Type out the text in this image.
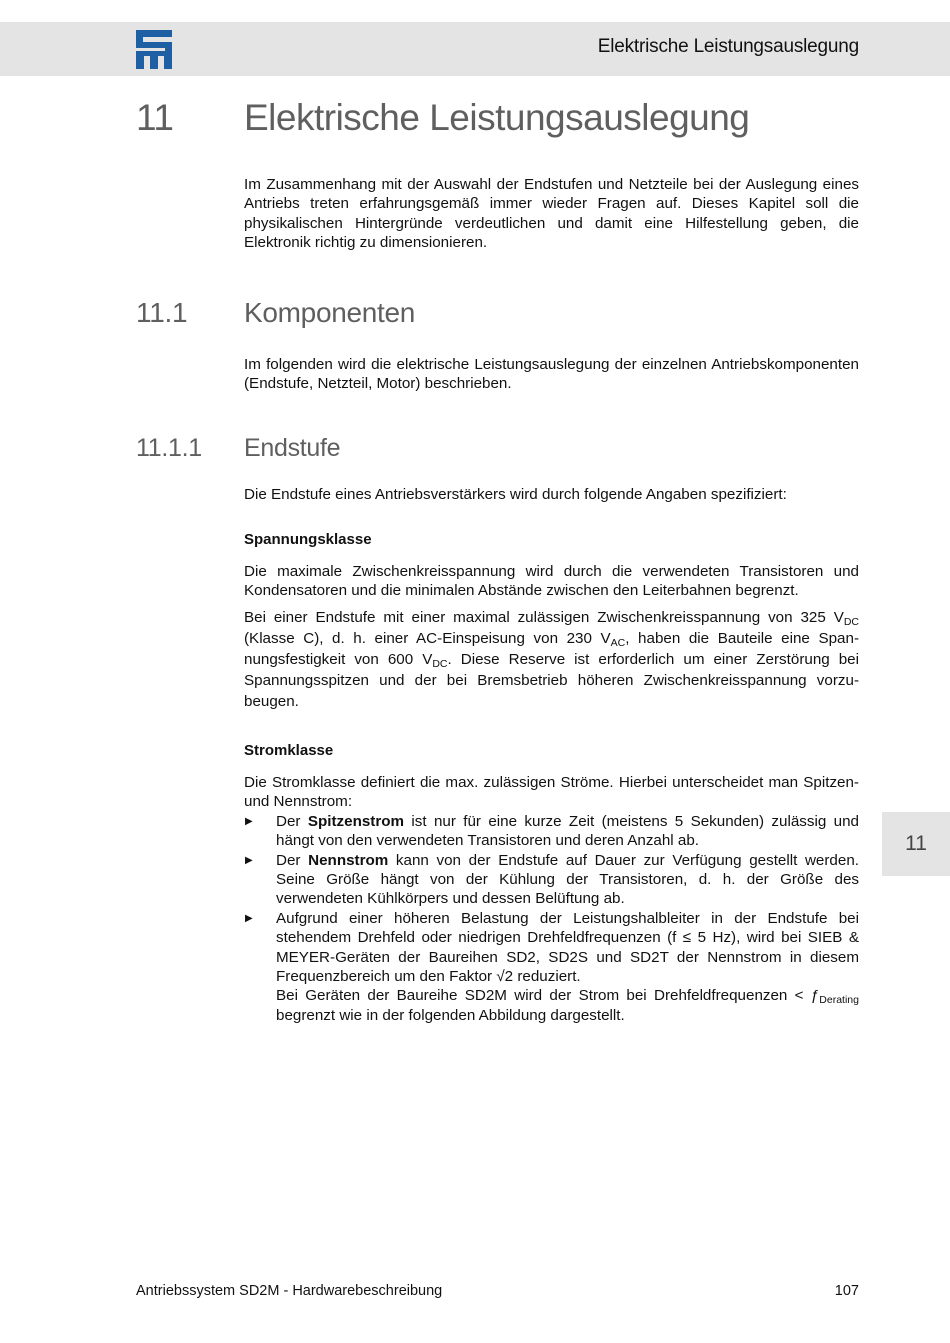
Elektrische Leistungsauslegung
11 Elektrische Leistungsauslegung

Im Zusammenhang mit der Auswahl der Endstufen und Netzteile bei der Auslegung eines Antriebs treten erfahrungsgemäß immer wieder Fragen auf. Dieses Kapitel soll die physikalischen Hintergründe verdeutlichen und damit eine Hilfestellung geben, die Elektronik richtig zu dimensionieren.

11.1 Komponenten

Im folgenden wird die elektrische Leistungsauslegung der einzelnen Antriebskomponenten (Endstufe, Netzteil, Motor) beschrieben.

11.1.1 Endstufe

Die Endstufe eines Antriebsverstärkers wird durch folgende Angaben spezifiziert:

Spannungsklasse

Die maximale Zwischenkreisspannung wird durch die verwendeten Transistoren und Kondensatoren und die minimalen Abstände zwischen den Leiterbahnen begrenzt.

Bei einer Endstufe mit einer maximal zulässigen Zwischenkreisspannung von 325 $V_{DC}$ (Klasse C), d. h. einer AC-Einspeisung von 230 $V_{AC}$, haben die Bauteile eine Spannungsfestigkeit von 600 $V_{DC}$. Diese Reserve ist erforderlich um einer Zerstörung bei Spannungsspitzen und der bei Bremsbetrieb höheren Zwischenkreisspannung vorzubeugen.

Stromklasse

Die Stromklasse definiert die max. zulässigen Ströme. Hierbei unterscheidet man Spitzen- und Nennstrom:

▶ Der Spitzenstrom ist nur für eine kurze Zeit (meistens 5 Sekunden) zulässig und hängt von den verwendeten Transistoren und deren Anzahl ab.
▶ Der Nennstrom kann von der Endstufe auf Dauer zur Verfügung gestellt werden. Seine Größe hängt von der Kühlung der Transistoren, d. h. der Größe des verwendeten Kühlkörpers und dessen Belüftung ab.
▶ Aufgrund einer höheren Belastung der Leistungshalbleiter in der Endstufe bei stehendem Drehfeld oder niedrigen Drehfeldfrequenzen (f ≤ 5 Hz), wird bei SIEB & MEYER-Geräten der Baureihen SD2, SD2S und SD2T der Nennstrom in diesem Frequenzbereich um den Faktor √2 reduziert.
Bei Geräten der Baureihe SD2M wird der Strom bei Drehfeldfrequenzen < $ƒ_{Derating}$ begrenzt wie in der folgenden Abbildung dargestellt.
11
Antriebssystem SD2M - Hardwarebeschreibung	107
